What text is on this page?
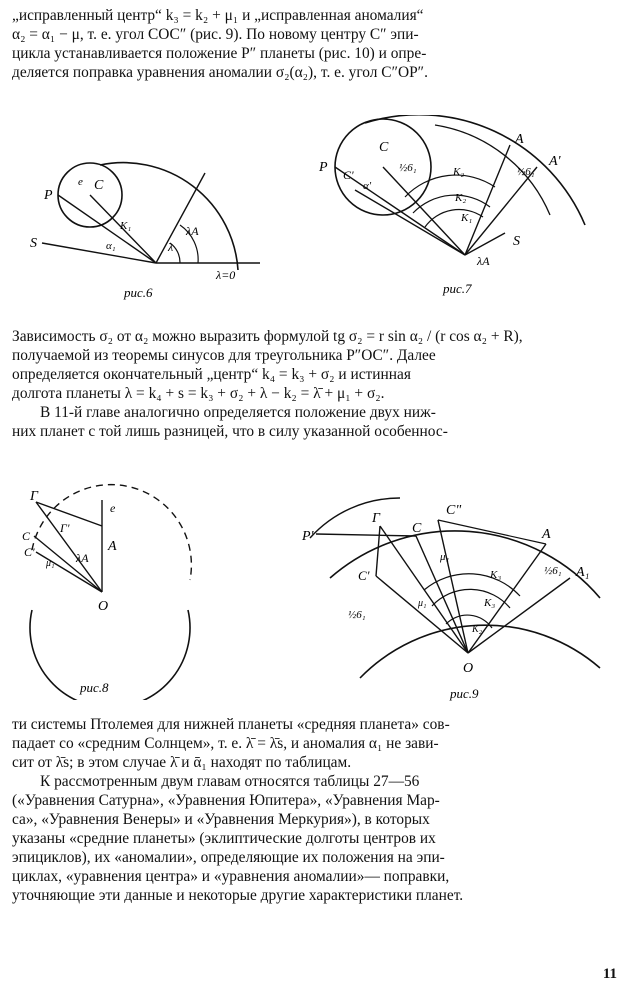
„исправленный центр“ k₃ = k₂ + μ₁ и „исправленная аномалия“
α₂ = α₁ − μ, т. е. угол СОС″ (рис. 9). По новому центру С″ эпи-
цикла устанавливается положение Р″ планеты (рис. 10) и опре-
деляется поправка уравнения аномалии σ₂(α₂), т. е. угол С″ОР″.

P
C
e
K₁	λA
λ
S	α₁
λ=0
рис.6
P
C
C'
α'
½6₁
A
A'
½6₁
K₂
K₂
K₁
S
λA
рис.7

Зависимость σ₂ от α₂ можно выразить формулой tg σ₂ = r sin α₂ / (r cos α₂ + R),
получаемой из теоремы синусов для треугольника Р″ОС″. Далее
определяется окончательный „центр“ k₄ = k₃ + σ₂ и истинная
долгота планеты λ = k₄ + s = k₃ + σ₂ + λ − k₂ = λ̄ + μ₁ + σ₂.
В 11-й главе аналогично определяется положение двух ниж-
них планет с той лишь разницей, что в силу указанной особеннос-

Г
e
A
Г'
C
C'
μ₁ λA
O
рис.8
P'
Г
C
C"
A
A₁
C'
μ₁
μ₁
K₃
K₃
K₂
½6₁
½6₁
O
рис.9

ти системы Птолемея для нижней планеты «средняя планета» сов-
падает со «средним Солнцем», т. е. λ̄ = λ̄s, и аномалия α₁ не зави-
сит от λ̄s; в этом случае λ̄ и ᾱ₁ находят по таблицам.
К рассмотренным двум главам относятся таблицы 27—56
(«Уравнения Сатурна», «Уравнения Юпитера», «Уравнения Мар-
са», «Уравнения Венеры» и «Уравнения Меркурия»), в которых
указаны «средние планеты» (эклиптические долготы центров их
эпициклов), их «аномалии», определяющие их положения на эпи-
циклах, «уравнения центра» и «уравнения аномалии»— поправки,
уточняющие эти данные и некоторые другие характеристики планет.

11
